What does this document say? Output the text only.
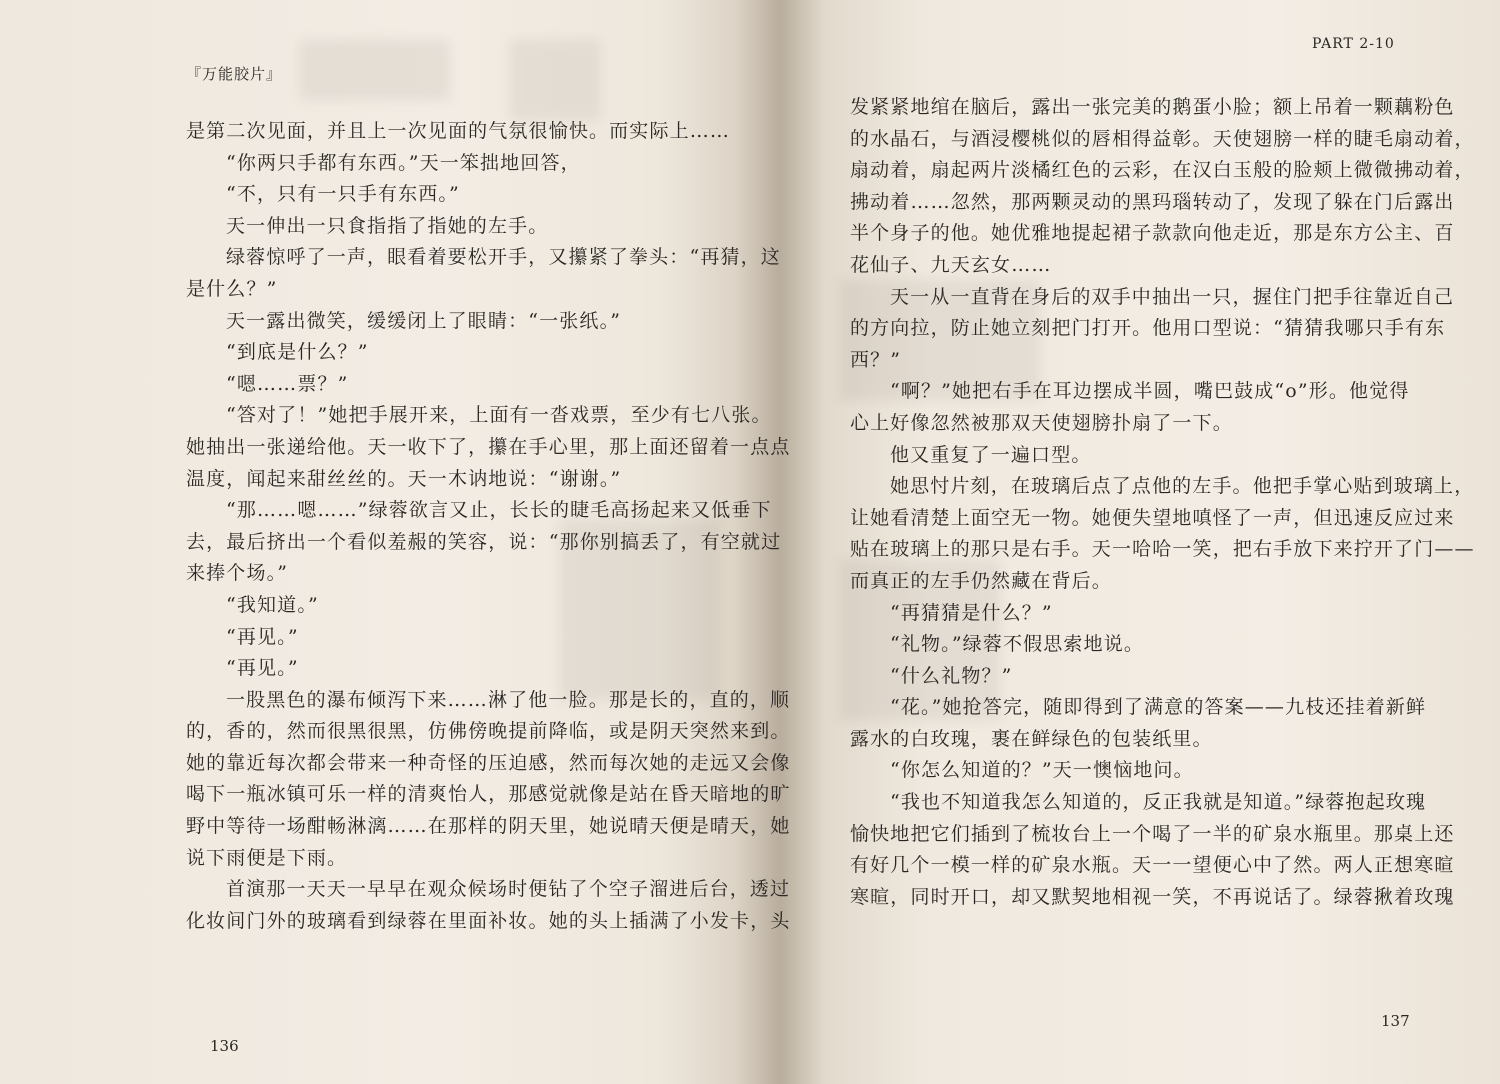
『万能胶片』
是第二次见面，并且上一次见面的气氛很愉快。而实际上……
“你两只手都有东西。”天一笨拙地回答，
“不，只有一只手有东西。”
天一伸出一只食指指了指她的左手。
绿蓉惊呼了一声，眼看着要松开手，又攥紧了拳头：“再猜，这
是什么？”
天一露出微笑，缓缓闭上了眼睛：“一张纸。”
“到底是什么？”
“嗯……票？”
“答对了！”她把手展开来，上面有一沓戏票，至少有七八张。
她抽出一张递给他。天一收下了，攥在手心里，那上面还留着一点点
温度，闻起来甜丝丝的。天一木讷地说：“谢谢。”
“那……嗯……”绿蓉欲言又止，长长的睫毛高扬起来又低垂下
去，最后挤出一个看似羞赧的笑容，说：“那你别搞丢了，有空就过
来捧个场。”
“我知道。”
“再见。”
“再见。”
一股黑色的瀑布倾泻下来……淋了他一脸。那是长的，直的，顺
的，香的，然而很黑很黑，仿佛傍晚提前降临，或是阴天突然来到。
她的靠近每次都会带来一种奇怪的压迫感，然而每次她的走远又会像
喝下一瓶冰镇可乐一样的清爽怡人，那感觉就像是站在昏天暗地的旷
野中等待一场酣畅淋漓……在那样的阴天里，她说晴天便是晴天，她
说下雨便是下雨。
首演那一天天一早早在观众候场时便钻了个空子溜进后台，透过
化妆间门外的玻璃看到绿蓉在里面补妆。她的头上插满了小发卡，头
136
PART 2-10
发紧紧地绾在脑后，露出一张完美的鹅蛋小脸；额上吊着一颗藕粉色
的水晶石，与酒浸樱桃似的唇相得益彰。天使翅膀一样的睫毛扇动着，
扇动着，扇起两片淡橘红色的云彩，在汉白玉般的脸颊上微微拂动着，
拂动着……忽然，那两颗灵动的黑玛瑙转动了，发现了躲在门后露出
半个身子的他。她优雅地提起裙子款款向他走近，那是东方公主、百
花仙子、九天玄女……
天一从一直背在身后的双手中抽出一只，握住门把手往靠近自己
的方向拉，防止她立刻把门打开。他用口型说：“猜猜我哪只手有东
西？”
“啊？”她把右手在耳边摆成半圆，嘴巴鼓成“o”形。他觉得
心上好像忽然被那双天使翅膀扑扇了一下。
他又重复了一遍口型。
她思忖片刻，在玻璃后点了点他的左手。他把手掌心贴到玻璃上，
让她看清楚上面空无一物。她便失望地嗔怪了一声，但迅速反应过来
贴在玻璃上的那只是右手。天一哈哈一笑，把右手放下来拧开了门——
而真正的左手仍然藏在背后。
“再猜猜是什么？”
“礼物。”绿蓉不假思索地说。
“什么礼物？”
“花。”她抢答完，随即得到了满意的答案——九枝还挂着新鲜
露水的白玫瑰，裹在鲜绿色的包装纸里。
“你怎么知道的？”天一懊恼地问。
“我也不知道我怎么知道的，反正我就是知道。”绿蓉抱起玫瑰
愉快地把它们插到了梳妆台上一个喝了一半的矿泉水瓶里。那桌上还
有好几个一模一样的矿泉水瓶。天一一望便心中了然。两人正想寒暄
寒暄，同时开口，却又默契地相视一笑，不再说话了。绿蓉揪着玫瑰
137
